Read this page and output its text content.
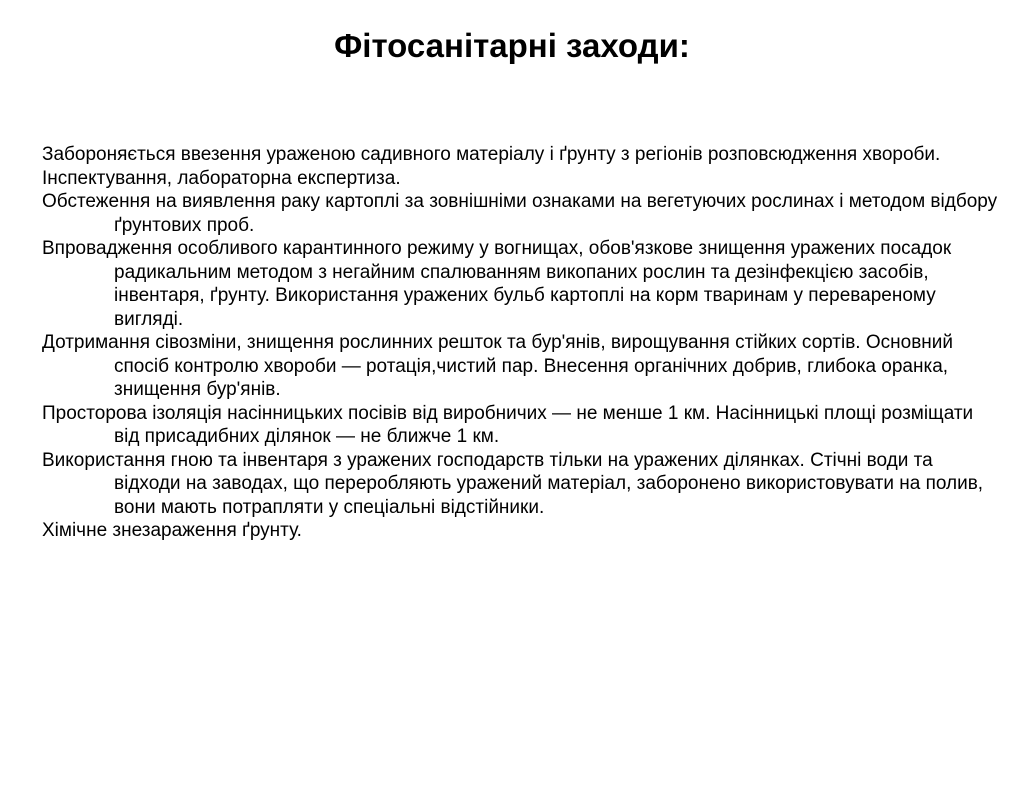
Фітосанітарні заходи:

Забороняється ввезення ураженою садивного матеріалу і ґрунту з регіонів розповсюдження хвороби.

Інспектування, лабораторна експертиза.

Обстеження на виявлення раку картоплі за зовнішніми ознаками на вегетуючих рослинах і методом відбору ґрунтових проб.

Впровадження особливого карантинного режиму у вогнищах, обов'язкове знищення уражених посадок радикальним методом з негайним спалюванням викопаних рослин та дезінфекцією засобів, інвентаря, ґрунту. Використання уражених бульб картоплі на корм тваринам у переварeному вигляді.

Дотримання сівозміни, знищення рослинних решток та бур'янів, вирощування стійких сортів. Основний спосіб контролю хвороби — ротація,чистий пар. Внесення органічних добрив, глибока оранка, знищення бур'янів.

Просторова ізоляція насінницьких посівів від виробничих — не менше 1 км. Насінницькі площі розміщати від присадибних ділянок — не ближче 1 км.

Використання гною та інвентаря з уражених господарств тільки на уражених ділянках. Стічні води та відходи на заводах, що переробляють уражений матеріал, заборонено використовувати на полив, вони мають потрапляти у спеціальні відстійники.

Хімічне знезараження ґрунту.
